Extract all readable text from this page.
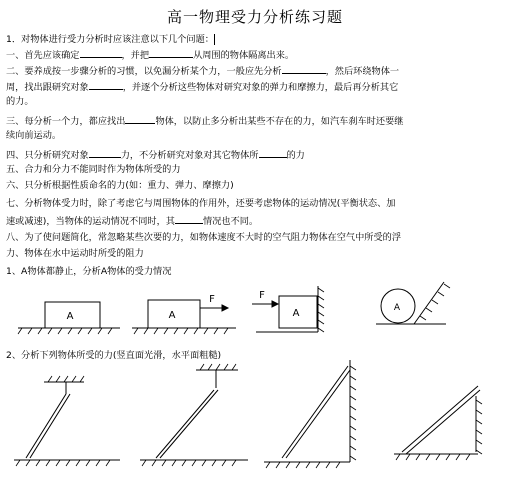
高一物理受力分析练习题
1．对物体进行受力分析时应该注意以下几个问题：
一、首先应该确定	，并把	从周围的物体隔离出来。
二、要养成按一步骤分析的习惯，以免漏分析某个力，一般应先分析	，然后环绕物体一
周，找出跟研究对象	，并逐个分析这些物体对研究对象的弹力和摩擦力，最后再分析其它
的力。
三、每分析一个力，都应找出	物体，以防止多分析出某些不存在的力，如汽车刹车时还要继
续向前运动。
四、只分析研究对象	力，不分析研究对象对其它物体所	的力
五、合力和分力不能同时作为物体所受的力
六、只分析根据性质命名的力(如：重力、弹力、摩擦力)
七、分析物体受力时，除了考虑它与周围物体的作用外，还要考虑物体的运动情况(平衡状态、加
速或减速)，当物体的运动情况不同时，其	情况也不同。
八、为了使问题简化，常忽略某些次要的力，如物体速度不大时的空气阻力物体在空气中所受的浮
力、物体在水中运动时所受的阻力
1、A物体都静止，分析A物体的受力情况
A	A
F	F
A	A
2、分析下列物体所受的力(竖直面光滑，水平面粗糙)
